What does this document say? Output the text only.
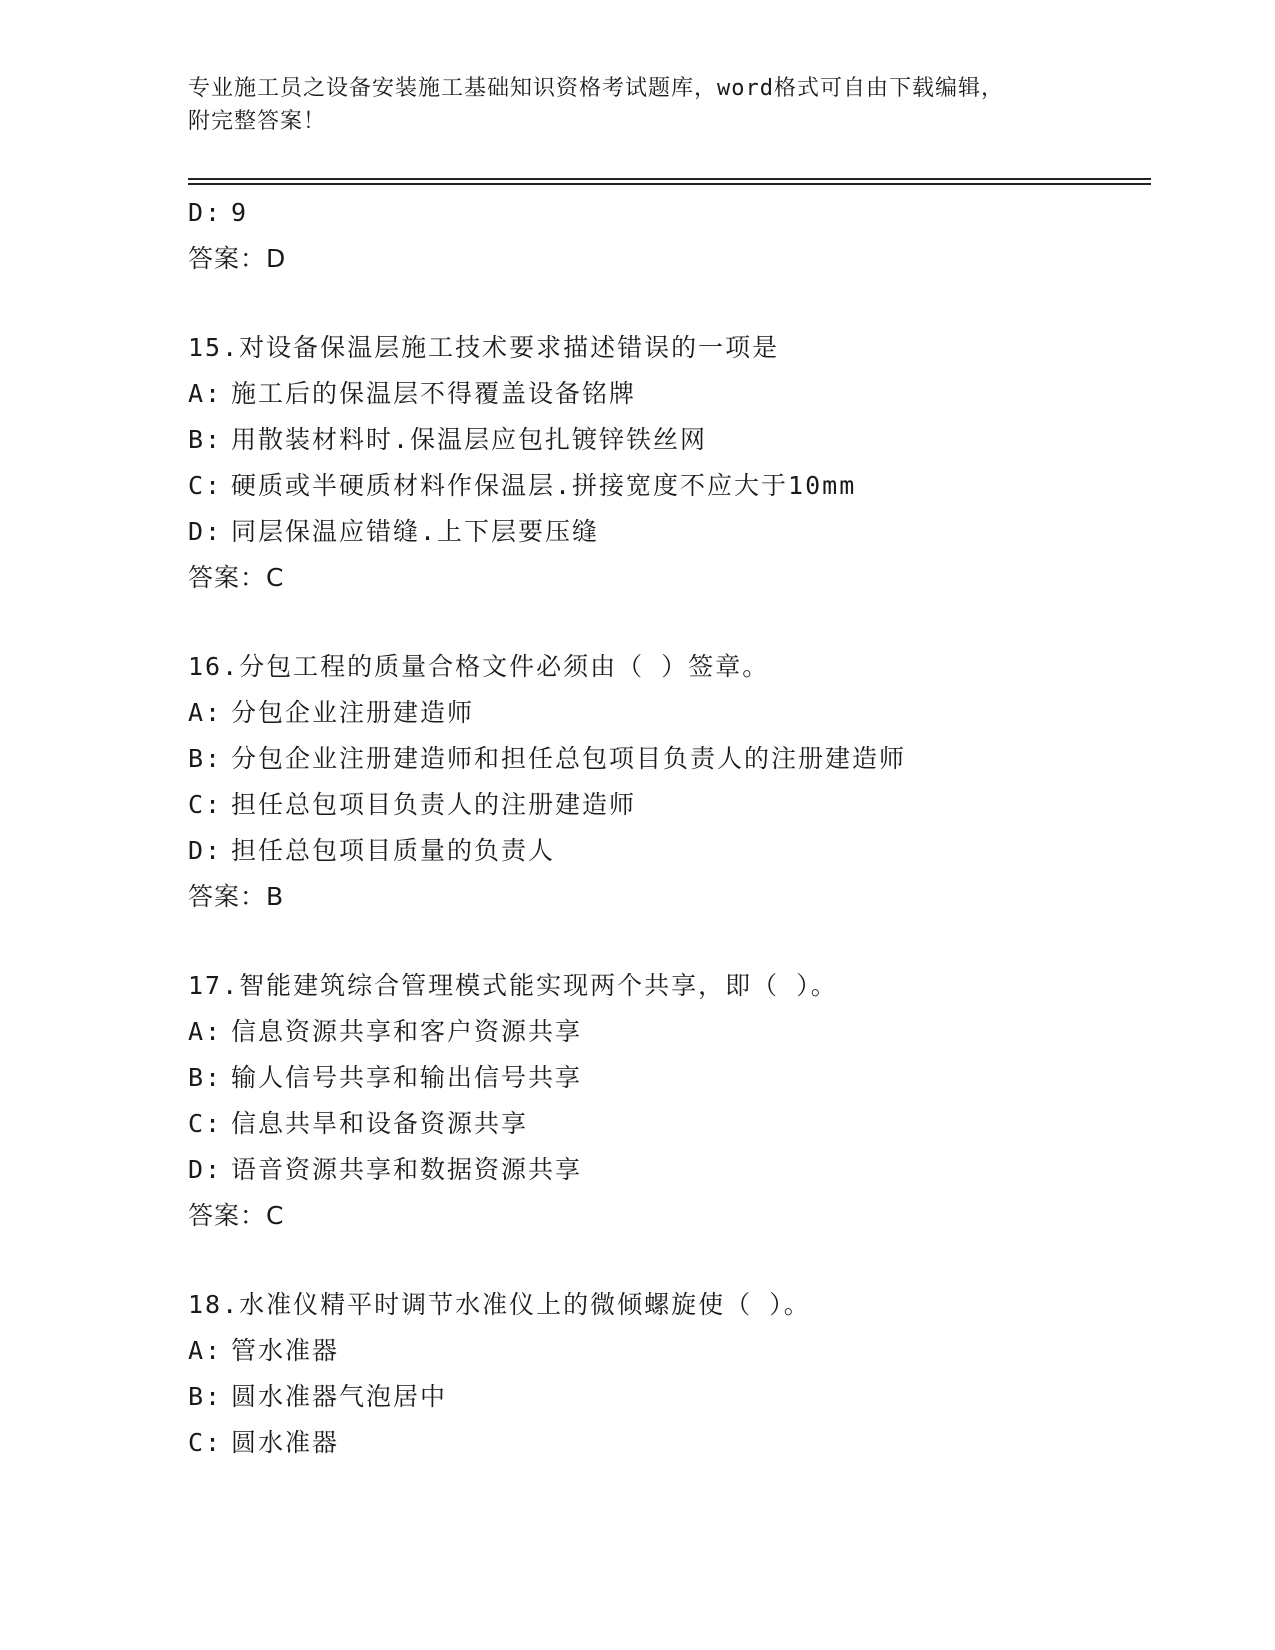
专业施工员之设备安装施工基础知识资格考试题库，word格式可自由下载编辑，
附完整答案！
D: 9
答案：D
15.对设备保温层施工技术要求描述错误的一项是
A: 施工后的保温层不得覆盖设备铭牌
B: 用散装材料时.保温层应包扎镀锌铁丝网
C: 硬质或半硬质材料作保温层.拼接宽度不应大于10mm
D: 同层保温应错缝.上下层要压缝
答案：C
16.分包工程的质量合格文件必须由（ ）签章。
A: 分包企业注册建造师
B: 分包企业注册建造师和担任总包项目负责人的注册建造师
C: 担任总包项目负责人的注册建造师
D: 担任总包项目质量的负责人
答案：B
17.智能建筑综合管理模式能实现两个共享，即（ ）。
A: 信息资源共享和客户资源共享
B: 输人信号共享和输出信号共享
C: 信息共旱和设备资源共享
D: 语音资源共享和数据资源共享
答案：C
18.水准仪精平时调节水准仪上的微倾螺旋使（ ）。
A: 管水准器
B: 圆水准器气泡居中
C: 圆水准器
